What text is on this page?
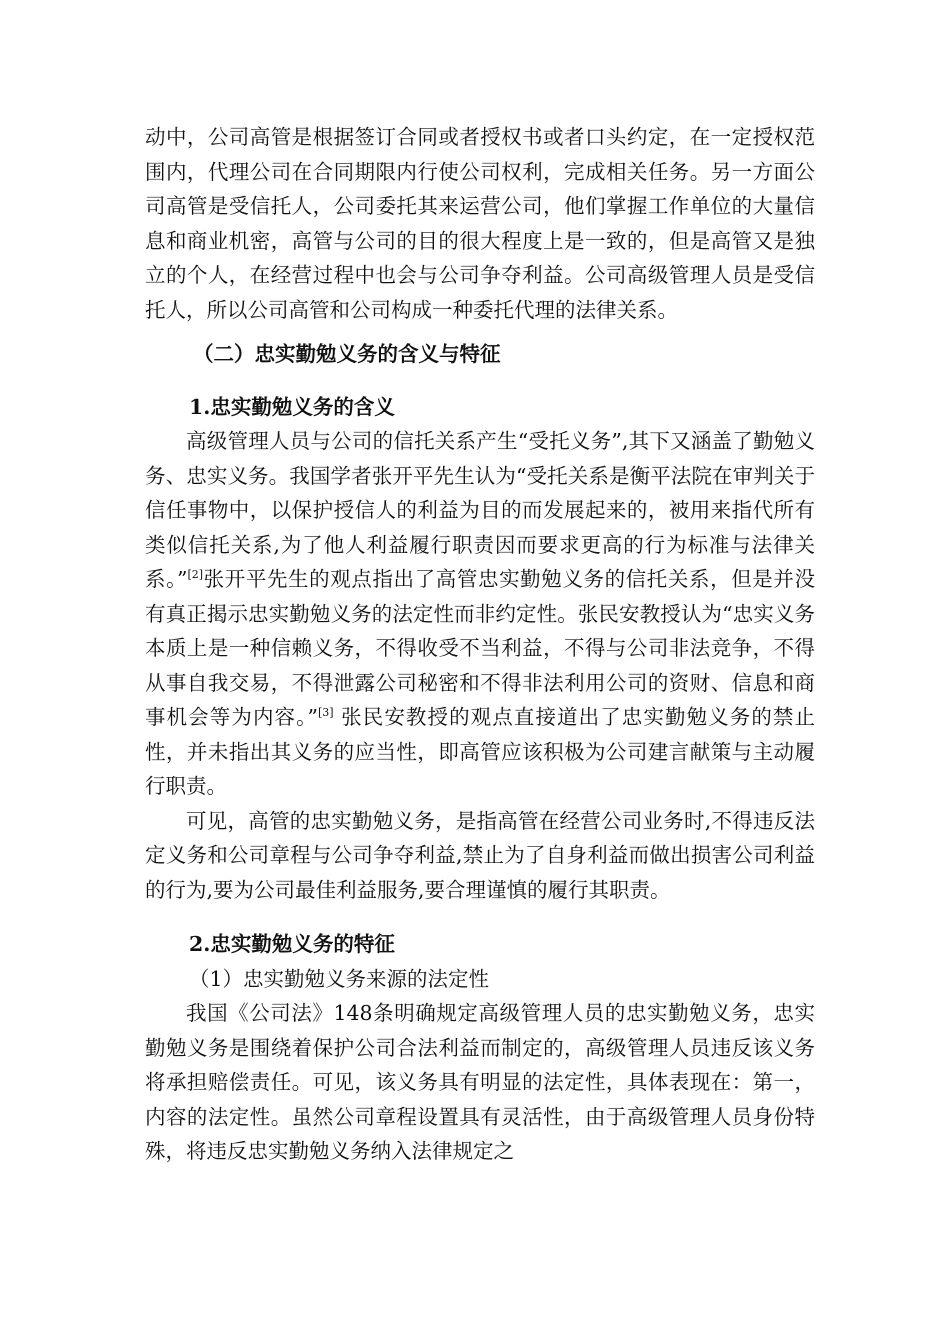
动中，公司高管是根据签订合同或者授权书或者口头约定，在一定授权范围内，代理公司在合同期限内行使公司权利，完成相关任务。另一方面公司高管是受信托人，公司委托其来运营公司，他们掌握工作单位的大量信息和商业机密，高管与公司的目的很大程度上是一致的，但是高管又是独立的个人，在经营过程中也会与公司争夺利益。公司高级管理人员是受信托人，所以公司高管和公司构成一种委托代理的法律关系。

（二）忠实勤勉义务的含义与特征
1.忠实勤勉义务的含义

高级管理人员与公司的信托关系产生“受托义务”,其下又涵盖了勤勉义务、忠实义务。我国学者张开平先生认为“受托关系是衡平法院在审判关于信任事物中，以保护授信人的利益为目的而发展起来的，被用来指代所有类似信托关系,为了他人利益履行职责因而要求更高的行为标准与法律关系。”[2]张开平先生的观点指出了高管忠实勤勉义务的信托关系，但是并没有真正揭示忠实勤勉义务的法定性而非约定性。张民安教授认为“忠实义务本质上是一种信赖义务，不得收受不当利益，不得与公司非法竞争，不得从事自我交易，不得泄露公司秘密和不得非法利用公司的资财、信息和商事机会等为内容。”[3] 张民安教授的观点直接道出了忠实勤勉义务的禁止性，并未指出其义务的应当性，即高管应该积极为公司建言献策与主动履行职责。

可见，高管的忠实勤勉义务，是指高管在经营公司业务时,不得违反法定义务和公司章程与公司争夺利益,禁止为了自身利益而做出损害公司利益的行为,要为公司最佳利益服务,要合理谨慎的履行其职责。

2.忠实勤勉义务的特征
（1）忠实勤勉义务来源的法定性

我国《公司法》148条明确规定高级管理人员的忠实勤勉义务，忠实勤勉义务是围绕着保护公司合法利益而制定的，高级管理人员违反该义务将承担赔偿责任。可见，该义务具有明显的法定性，具体表现在：第一，内容的法定性。虽然公司章程设置具有灵活性，由于高级管理人员身份特殊，将违反忠实勤勉义务纳入法律规定之
